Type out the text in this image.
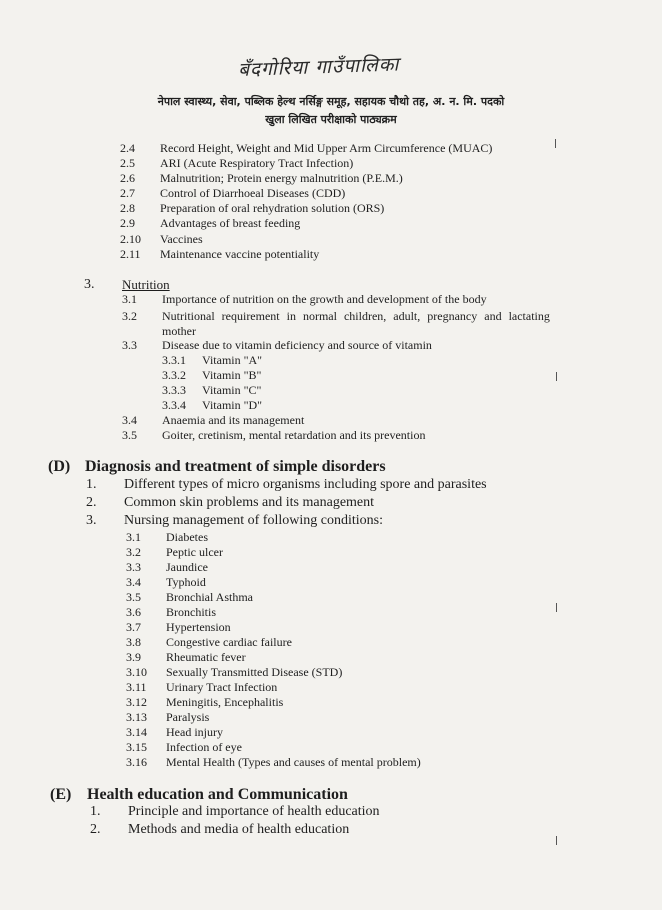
बँदगोरिया गाउँपालिका
नेपाल स्वास्थ्य, सेवा, पब्लिक हेल्थ नर्सिङ्ग समूह, सहायक चौथो तह, अ. न. मि. पदको
खुला लिखित परीक्षाको पाठ्यक्रम
2.4 Record Height, Weight and Mid Upper Arm Circumference (MUAC)
2.5 ARI (Acute Respiratory Tract Infection)
2.6 Malnutrition; Protein energy malnutrition (P.E.M.)
2.7 Control of Diarrhoeal Diseases (CDD)
2.8 Preparation of oral rehydration solution (ORS)
2.9 Advantages of breast feeding
2.10 Vaccines
2.11 Maintenance vaccine potentiality
3. Nutrition
3.1 Importance of nutrition on the growth and development of the body
3.2 Nutritional requirement in normal children, adult, pregnancy and lactating
mother
3.3 Disease due to vitamin deficiency and source of vitamin
3.3.1 Vitamin "A"
3.3.2 Vitamin "B"
3.3.3 Vitamin "C"
3.3.4 Vitamin "D"
3.4 Anaemia and its management
3.5 Goiter, cretinism, mental retardation and its prevention
(D) Diagnosis and treatment of simple disorders
1. Different types of micro organisms including spore and parasites
2. Common skin problems and its management
3. Nursing management of following conditions:
3.1 Diabetes
3.2 Peptic ulcer
3.3 Jaundice
3.4 Typhoid
3.5 Bronchial Asthma
3.6 Bronchitis
3.7 Hypertension
3.8 Congestive cardiac failure
3.9 Rheumatic fever
3.10 Sexually Transmitted Disease (STD)
3.11 Urinary Tract Infection
3.12 Meningitis, Encephalitis
3.13 Paralysis
3.14 Head injury
3.15 Infection of eye
3.16 Mental Health (Types and causes of mental problem)
(E) Health education and Communication
1. Principle and importance of health education
2. Methods and media of health education
